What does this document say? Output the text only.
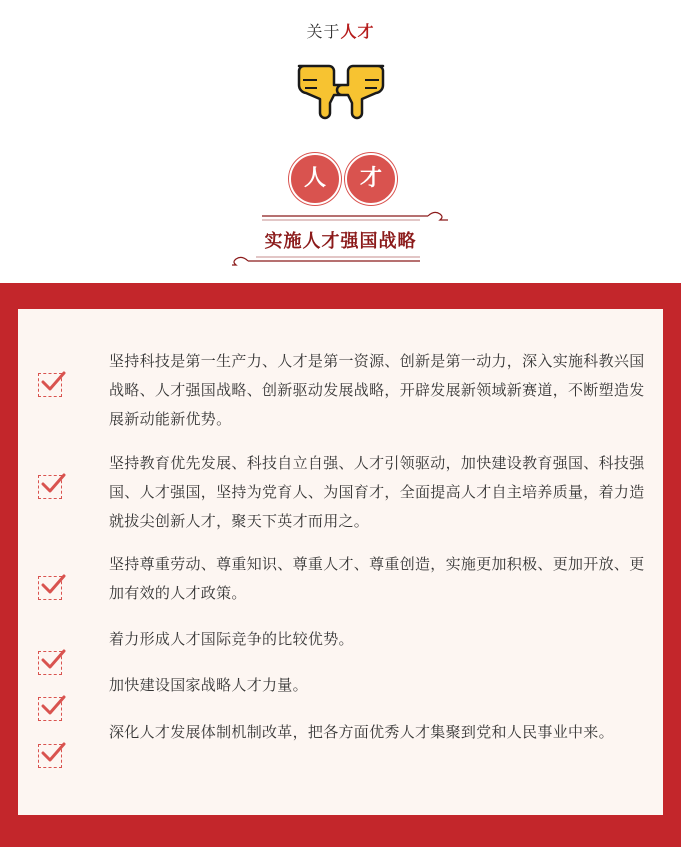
关于人才
人	才
实施人才强国战略
坚持科技是第一生产力、人才是第一资源、创新是第一动力，深入实施科教兴国战略、人才强国战略、创新驱动发展战略，开辟发展新领域新赛道，不断塑造发展新动能新优势。
坚持教育优先发展、科技自立自强、人才引领驱动，加快建设教育强国、科技强国、人才强国，坚持为党育人、为国育才，全面提高人才自主培养质量，着力造就拔尖创新人才，聚天下英才而用之。
坚持尊重劳动、尊重知识、尊重人才、尊重创造，实施更加积极、更加开放、更加有效的人才政策。
着力形成人才国际竞争的比较优势。
加快建设国家战略人才力量。
深化人才发展体制机制改革，把各方面优秀人才集聚到党和人民事业中来。
